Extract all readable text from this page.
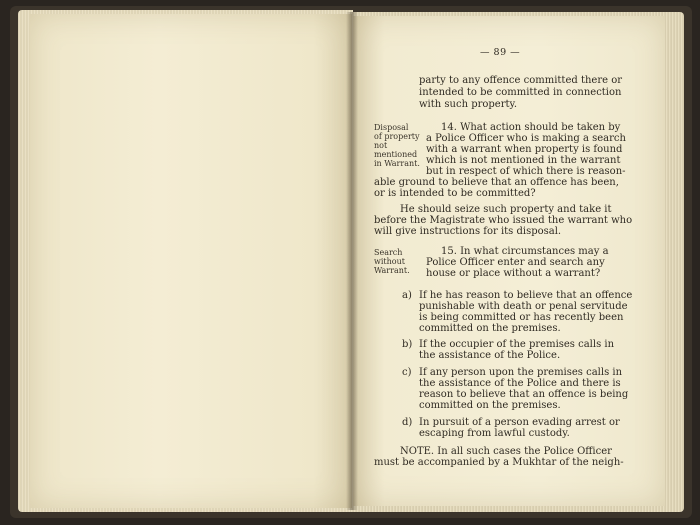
— 89 —
party to any offence committed there or
intended to be committed in connection
with such property.
Disposal
of property
not
mentioned
in Warrant.
14. What action should be taken by
a Police Officer who is making a search
with a warrant when property is found
which is not mentioned in the warrant
but in respect of which there is reason-
able ground to believe that an offence has been,
or is intended to be committed?
He should seize such property and take it
before the Magistrate who issued the warrant who
will give instructions for its disposal.
Search
without
Warrant.
15. In what circumstances may a
Police Officer enter and search any
house or place without a warrant?
a) If he has reason to believe that an offence
punishable with death or penal servitude
is being committed or has recently been
committed on the premises.
b) If the occupier of the premises calls in
the assistance of the Police.
c) If any person upon the premises calls in
the assistance of the Police and there is
reason to believe that an offence is being
committed on the premises.
d) In pursuit of a person evading arrest or
escaping from lawful custody.
NOTE. In all such cases the Police Officer
must be accompanied by a Mukhtar of the neigh-
